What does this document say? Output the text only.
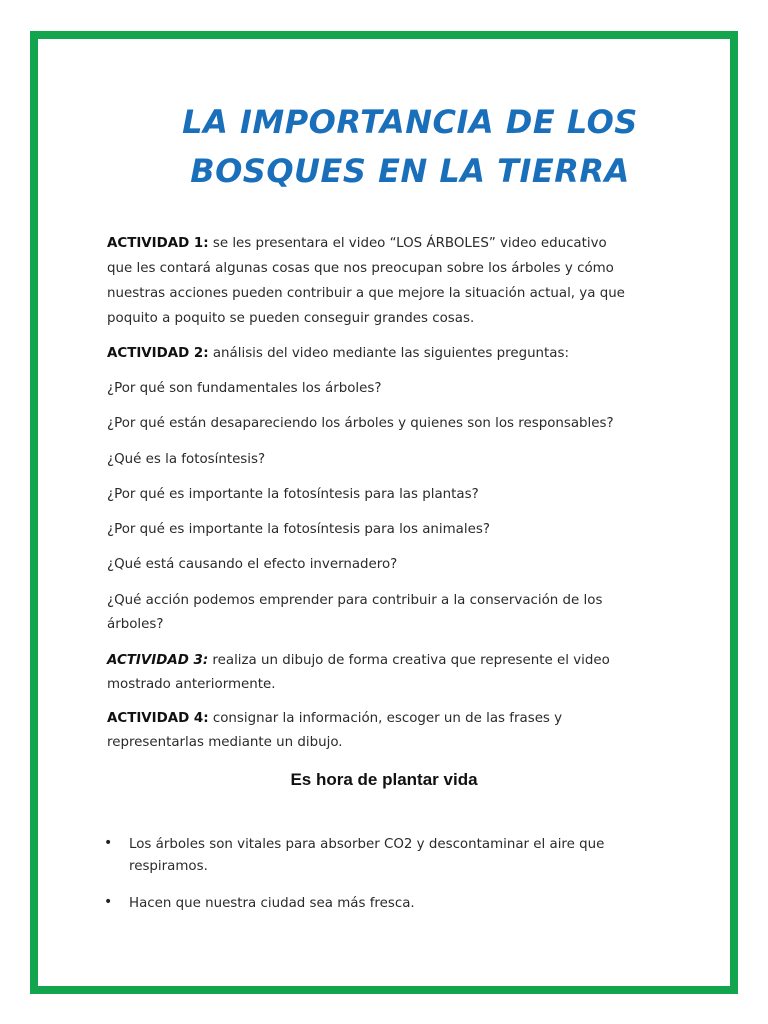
LA IMPORTANCIA DE LOS
BOSQUES EN LA TIERRA
ACTIVIDAD 1: se les presentara el video “LOS ÁRBOLES” video educativo
que les contará algunas cosas que nos preocupan sobre los árboles y cómo
nuestras acciones pueden contribuir a que mejore la situación actual, ya que
poquito a poquito se pueden conseguir grandes cosas.
ACTIVIDAD 2: análisis del video mediante las siguientes preguntas:
¿Por qué son fundamentales los árboles?
¿Por qué están desapareciendo los árboles y quienes son los responsables?
¿Qué es la fotosíntesis?
¿Por qué es importante la fotosíntesis para las plantas?
¿Por qué es importante la fotosíntesis para los animales?
¿Qué está causando el efecto invernadero?
¿Qué acción podemos emprender para contribuir a la conservación de los
árboles?
ACTIVIDAD 3: realiza un dibujo de forma creativa que represente el video
mostrado anteriormente.
ACTIVIDAD 4: consignar la información, escoger un de las frases y
representarlas mediante un dibujo.
Es hora de plantar vida
• Los árboles son vitales para absorber CO2 y descontaminar el aire que
respiramos.
• Hacen que nuestra ciudad sea más fresca.
